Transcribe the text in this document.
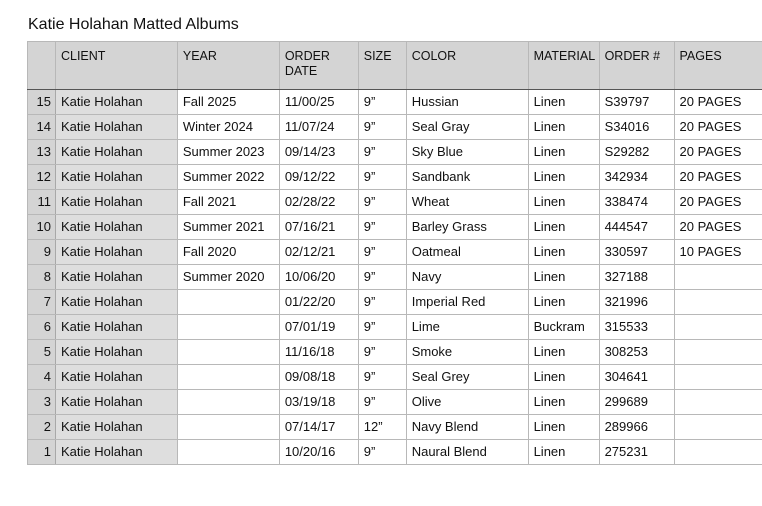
Katie Holahan Matted Albums
	CLIENT	YEAR	ORDER DATE	SIZE	COLOR	MATERIAL	ORDER #	PAGES
15	Katie Holahan	Fall 2025	11/00/25	9”	Hussian	Linen	S39797	20 PAGES
14	Katie Holahan	Winter 2024	11/07/24	9”	Seal Gray	Linen	S34016	20 PAGES
13	Katie Holahan	Summer 2023	09/14/23	9”	Sky Blue	Linen	S29282	20 PAGES
12	Katie Holahan	Summer 2022	09/12/22	9”	Sandbank	Linen	342934	20 PAGES
11	Katie Holahan	Fall 2021	02/28/22	9”	Wheat	Linen	338474	20 PAGES
10	Katie Holahan	Summer 2021	07/16/21	9”	Barley Grass	Linen	444547	20 PAGES
9	Katie Holahan	Fall 2020	02/12/21	9”	Oatmeal	Linen	330597	10 PAGES
8	Katie Holahan	Summer 2020	10/06/20	9”	Navy	Linen	327188	
7	Katie Holahan		01/22/20	9”	Imperial Red	Linen	321996	
6	Katie Holahan		07/01/19	9”	Lime	Buckram	315533	
5	Katie Holahan		11/16/18	9”	Smoke	Linen	308253	
4	Katie Holahan		09/08/18	9”	Seal Grey	Linen	304641	
3	Katie Holahan		03/19/18	9”	Olive	Linen	299689	
2	Katie Holahan		07/14/17	12”	Navy Blend	Linen	289966	
1	Katie Holahan		10/20/16	9”	Naural Blend	Linen	275231	
